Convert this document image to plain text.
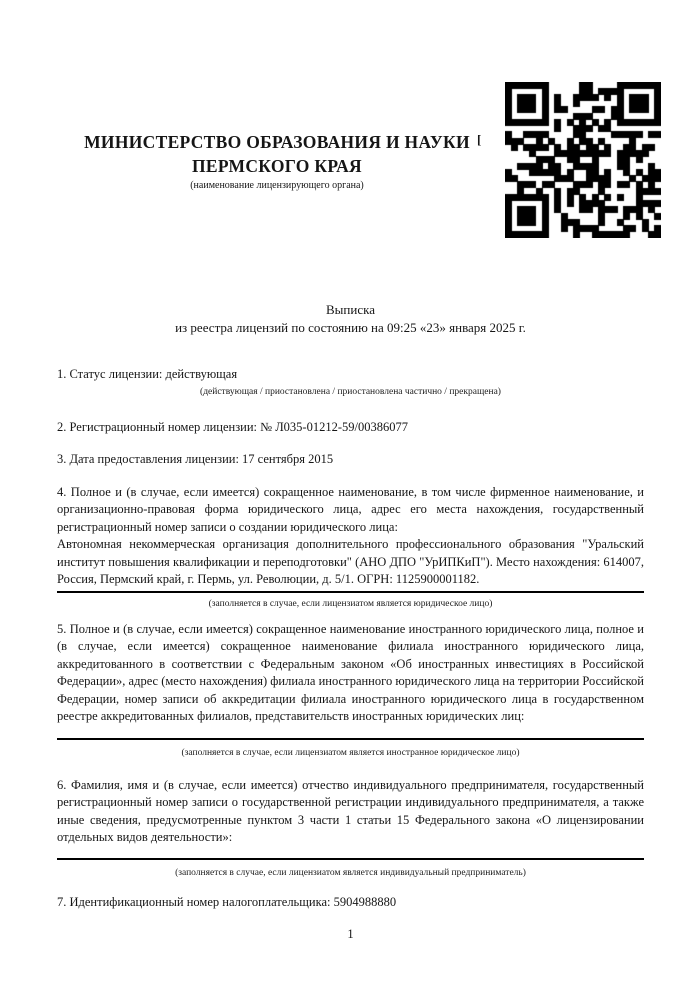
МИНИСТЕРСТВО ОБРАЗОВАНИЯ И НАУКИ
ПЕРМСКОГО КРАЯ
(наименование лицензирующего органа)
[
Выписка
из реестра лицензий по состоянию на 09:25 «23» января 2025 г.
1. Статус лицензии: действующая
(действующая / приостановлена / приостановлена частично / прекращена)
2. Регистрационный номер лицензии: № Л035-01212-59/00386077
3. Дата предоставления лицензии: 17 сентября 2015

4. Полное и (в случае, если имеется) сокращенное наименование, в том числе фирменное наименование, и организационно-правовая форма юридического лица, адрес его места нахождения, государственный регистрационный номер записи о создании юридического лица:

Автономная некоммерческая организация дополнительного профессионального образования "Уральский институт повышения квалификации и переподготовки" (АНО ДПО "УрИПКиП"). Место нахождения: 614007, Россия, Пермский край, г. Пермь, ул. Революции, д. 5/1. ОГРН: 1125900001182.

(заполняется в случае, если лицензиатом является юридическое лицо)

5. Полное и (в случае, если имеется) сокращенное наименование иностранного юридического лица, полное и (в случае, если имеется) сокращенное наименование филиала иностранного юридического лица, аккредитованного в соответствии с Федеральным законом «Об иностранных инвестициях в Российской Федерации», адрес (место нахождения) филиала иностранного юридического лица на территории Российской Федерации, номер записи об аккредитации филиала иностранного юридического лица в государственном реестре аккредитованных филиалов, представительств иностранных юридических лиц:

(заполняется в случае, если лицензиатом является иностранное юридическое лицо)

6. Фамилия, имя и (в случае, если имеется) отчество индивидуального предпринимателя, государственный регистрационный номер записи о государственной регистрации индивидуального предпринимателя, а также иные сведения, предусмотренные пунктом 3 части 1 статьи 15 Федерального закона «О лицензировании отдельных видов деятельности»:

(заполняется в случае, если лицензиатом является индивидуальный предприниматель)
7. Идентификационный номер налогоплательщика: 5904988880
1
